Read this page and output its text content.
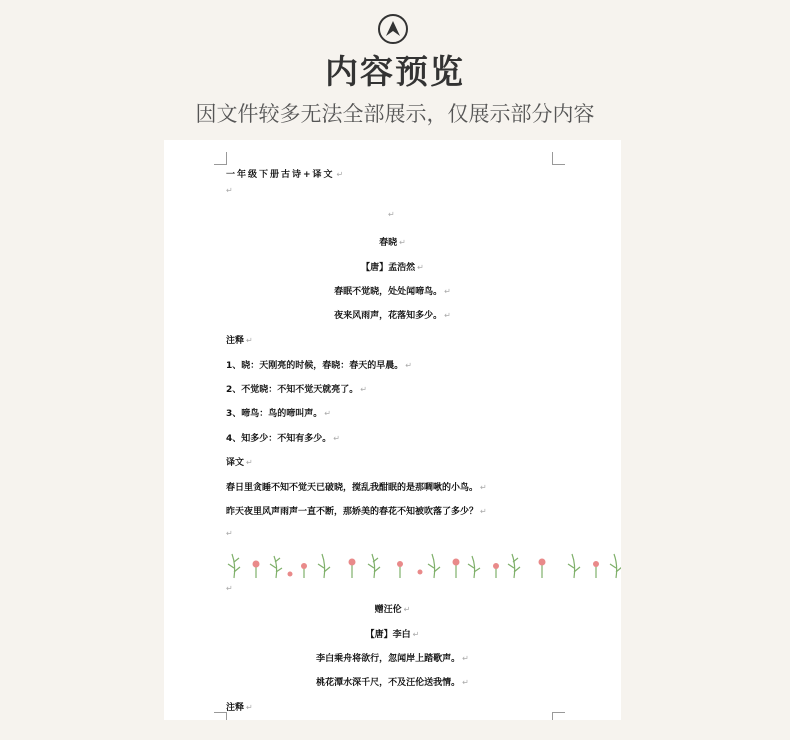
内容预览
因文件较多无法全部展示，仅展示部分内容
一年级下册古诗+译文 ↵
↵
↵
春晓 ↵
【唐】孟浩然 ↵
春眠不觉晓，处处闻啼鸟。 ↵
夜来风雨声，花落知多少。 ↵
注释 ↵
1、晓：天刚亮的时候，春晓：春天的早晨。 ↵
2、不觉晓：不知不觉天就亮了。 ↵
3、啼鸟：鸟的啼叫声。 ↵
4、知多少：不知有多少。 ↵
译文 ↵
春日里贪睡不知不觉天已破晓，搅乱我酣眠的是那啁啾的小鸟。 ↵
昨天夜里风声雨声一直不断，那娇美的春花不知被吹落了多少？ ↵
↵
↵
赠汪伦 ↵
【唐】李白 ↵
李白乘舟将欲行，忽闻岸上踏歌声。 ↵
桃花潭水深千尺，不及汪伦送我情。 ↵
注释 ↵
